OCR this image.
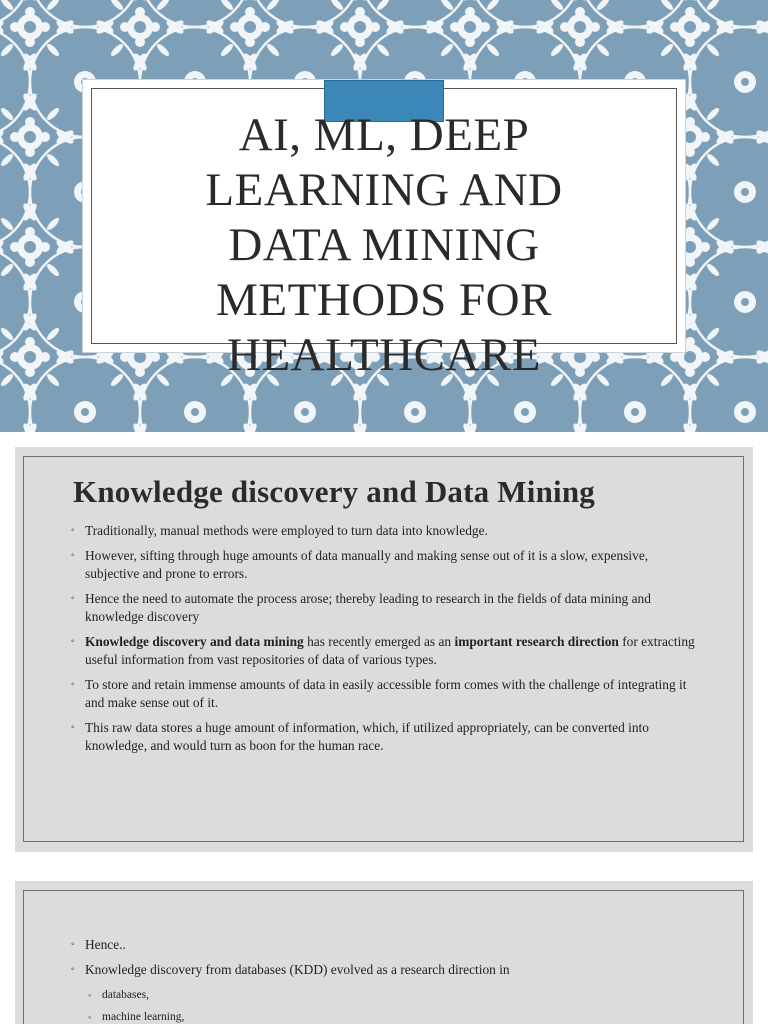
AI, ML, DEEP
LEARNING AND
DATA MINING
METHODS FOR
HEALTHCARE
Knowledge discovery and Data Mining
◦ Traditionally, manual methods were employed to turn data into knowledge.
◦ However, sifting through huge amounts of data manually and making sense out of it is a slow, expensive, subjective and prone to errors.
◦ Hence the need to automate the process arose; thereby leading to research in the fields of data mining and knowledge discovery
◦ Knowledge discovery and data mining has recently emerged as an important research direction for extracting useful information from vast repositories of data of various types.
◦ To store and retain immense amounts of data in easily accessible form comes with the challenge of integrating it and make sense out of it.
◦ This raw data stores a huge amount of information, which, if utilized appropriately, can be converted into knowledge, and would turn as boon for the human race.
◦ Hence..
◦ Knowledge discovery from databases (KDD) evolved as a research direction in
◦ databases,
◦ machine learning,
